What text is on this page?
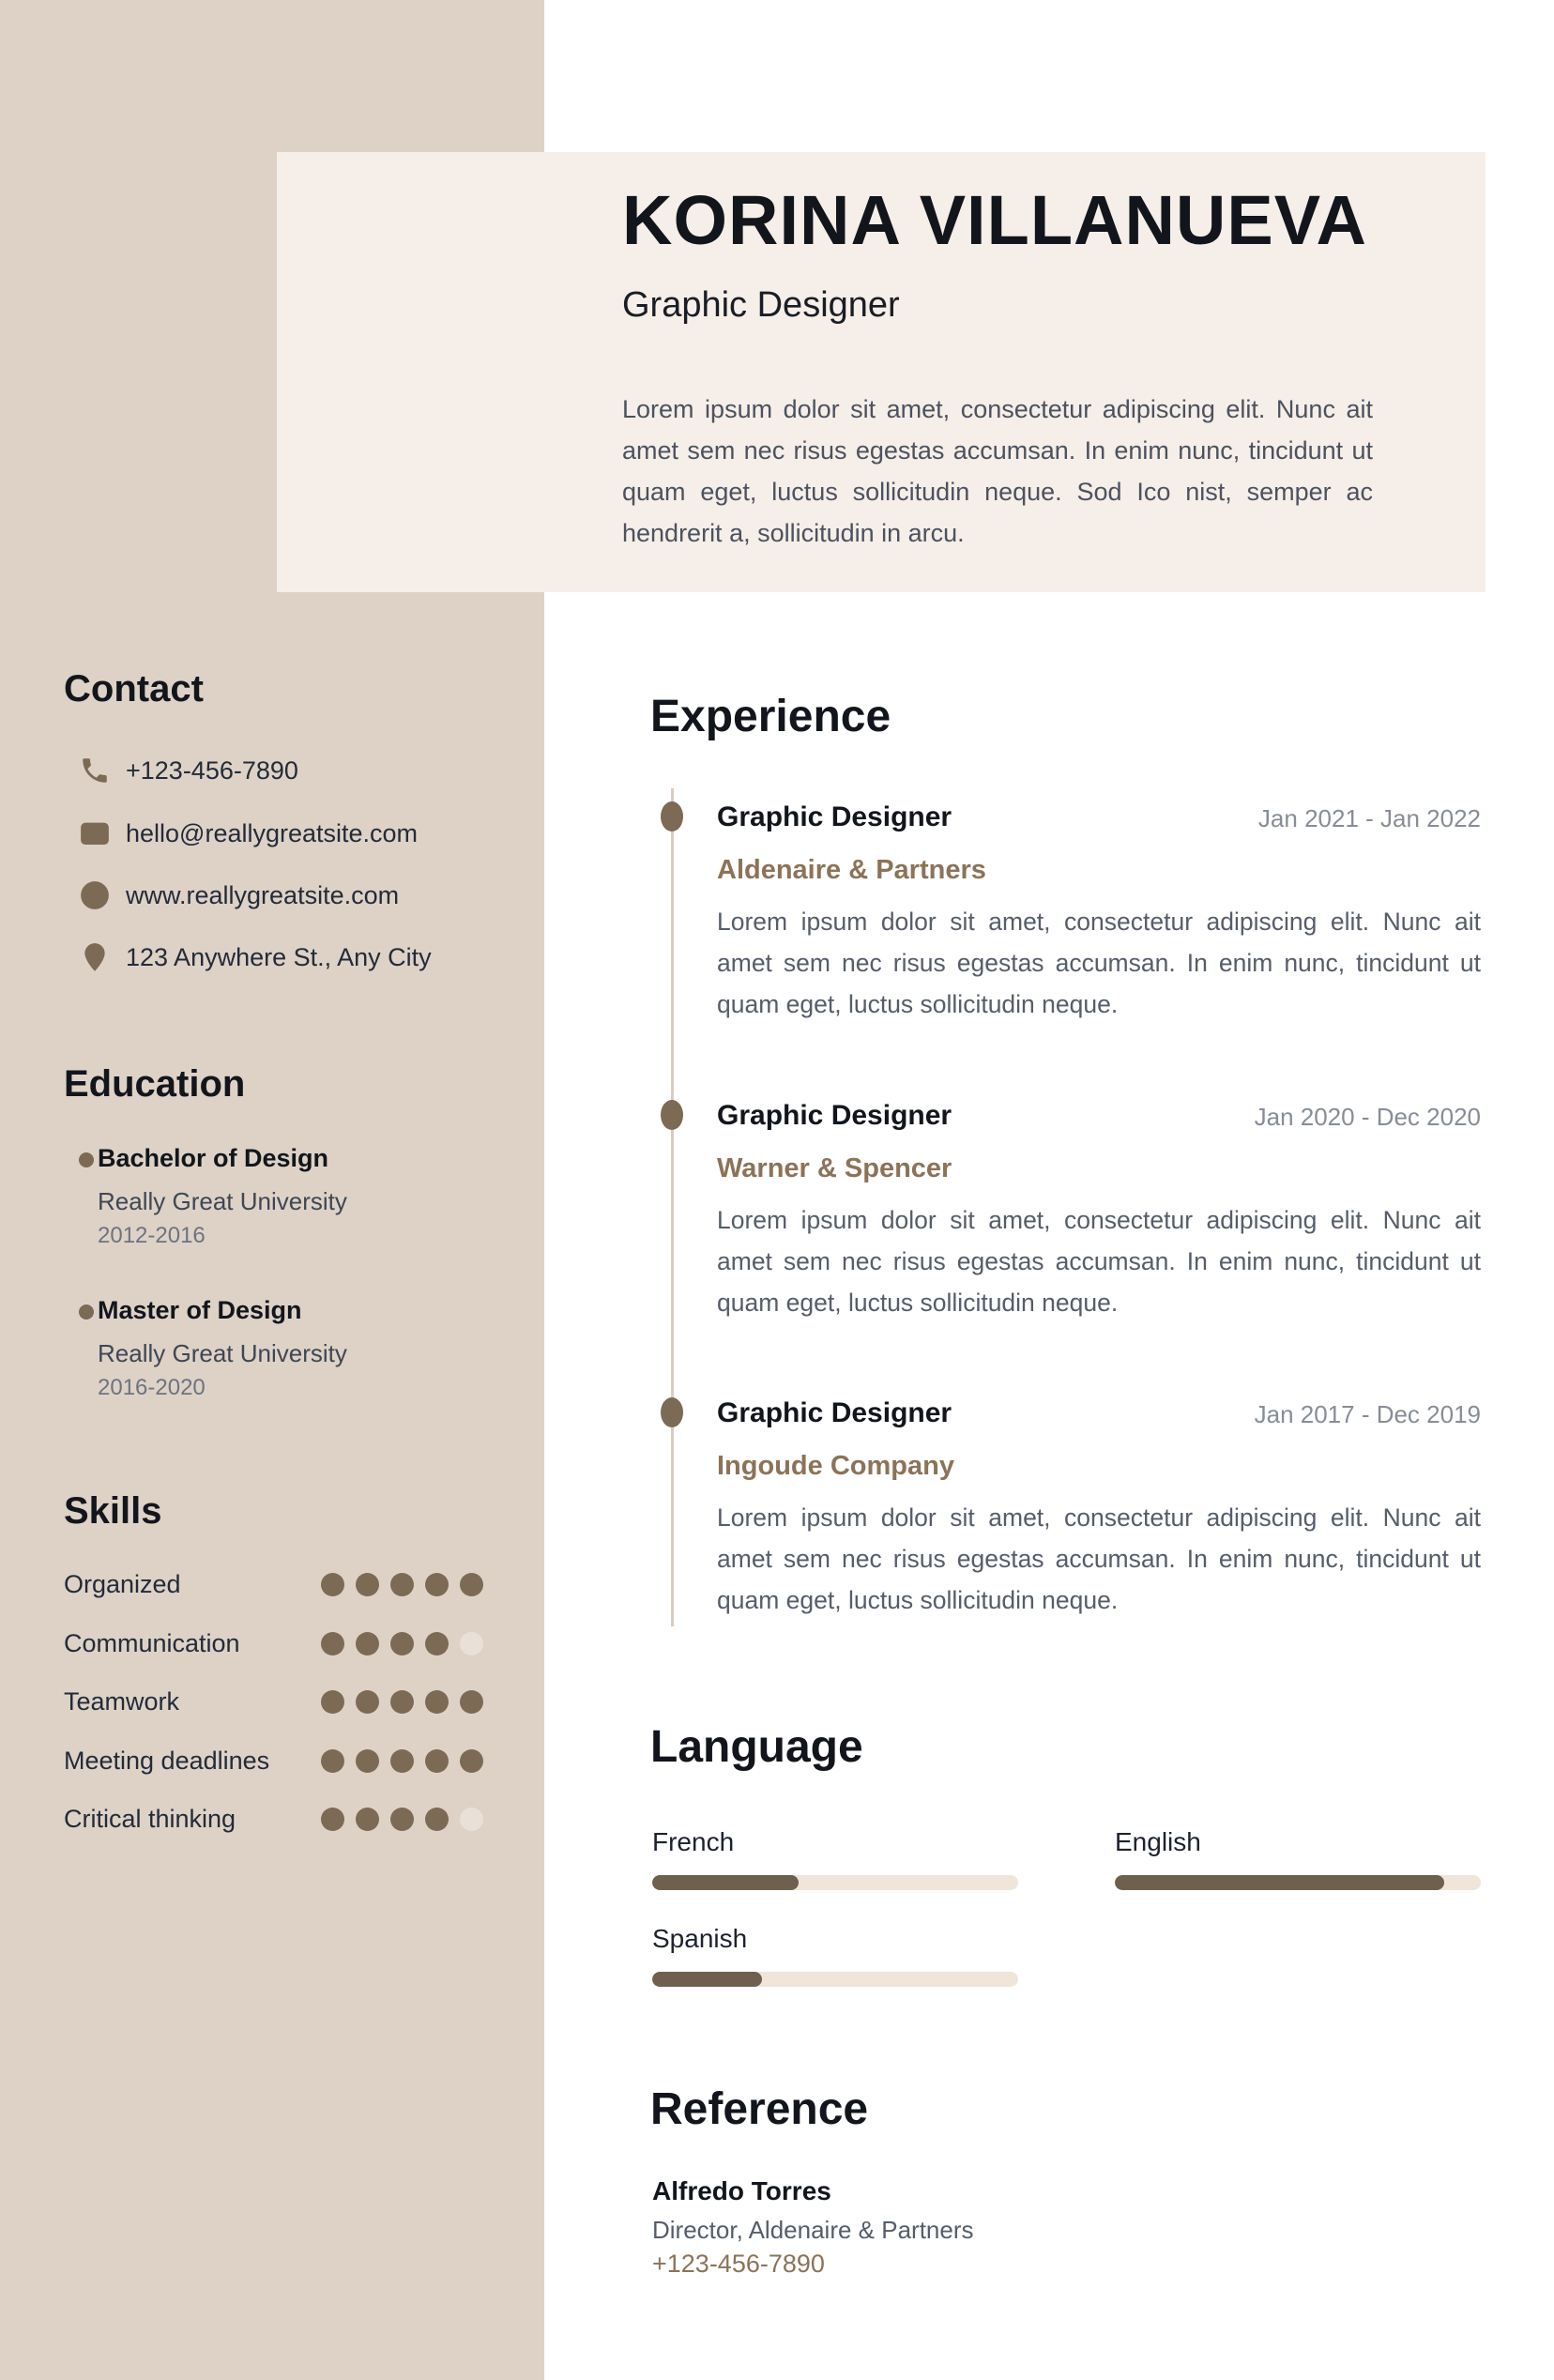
KORINA VILLANUEVA
Graphic Designer
Lorem ipsum dolor sit amet, consectetur adipiscing elit. Nunc ait amet sem nec risus egestas accumsan. In enim nunc, tincidunt ut quam eget, luctus sollicitudin neque. Sod Ico nist, semper ac hendrerit a, sollicitudin in arcu.
Contact
+123-456-7890
hello@reallygreatsite.com
www.reallygreatsite.com
123 Anywhere St., Any City
Education
Bachelor of Design
Really Great University
2012-2016
Master of Design
Really Great University
2016-2020
Skills
Organized
Communication
Teamwork
Meeting deadlines
Critical thinking
Experience
Graphic Designer	Jan 2021 - Jan 2022
Aldenaire & Partners
Lorem ipsum dolor sit amet, consectetur adipiscing elit. Nunc ait amet sem nec risus egestas accumsan. In enim nunc, tincidunt ut quam eget, luctus sollicitudin neque.
Graphic Designer	Jan 2020 - Dec 2020
Warner & Spencer
Lorem ipsum dolor sit amet, consectetur adipiscing elit. Nunc ait amet sem nec risus egestas accumsan. In enim nunc, tincidunt ut quam eget, luctus sollicitudin neque.
Graphic Designer	Jan 2017 - Dec 2019
Ingoude Company
Lorem ipsum dolor sit amet, consectetur adipiscing elit. Nunc ait amet sem nec risus egestas accumsan. In enim nunc, tincidunt ut quam eget, luctus sollicitudin neque.
Language
French	English
Spanish
Reference
Alfredo Torres
Director, Aldenaire & Partners
+123-456-7890
